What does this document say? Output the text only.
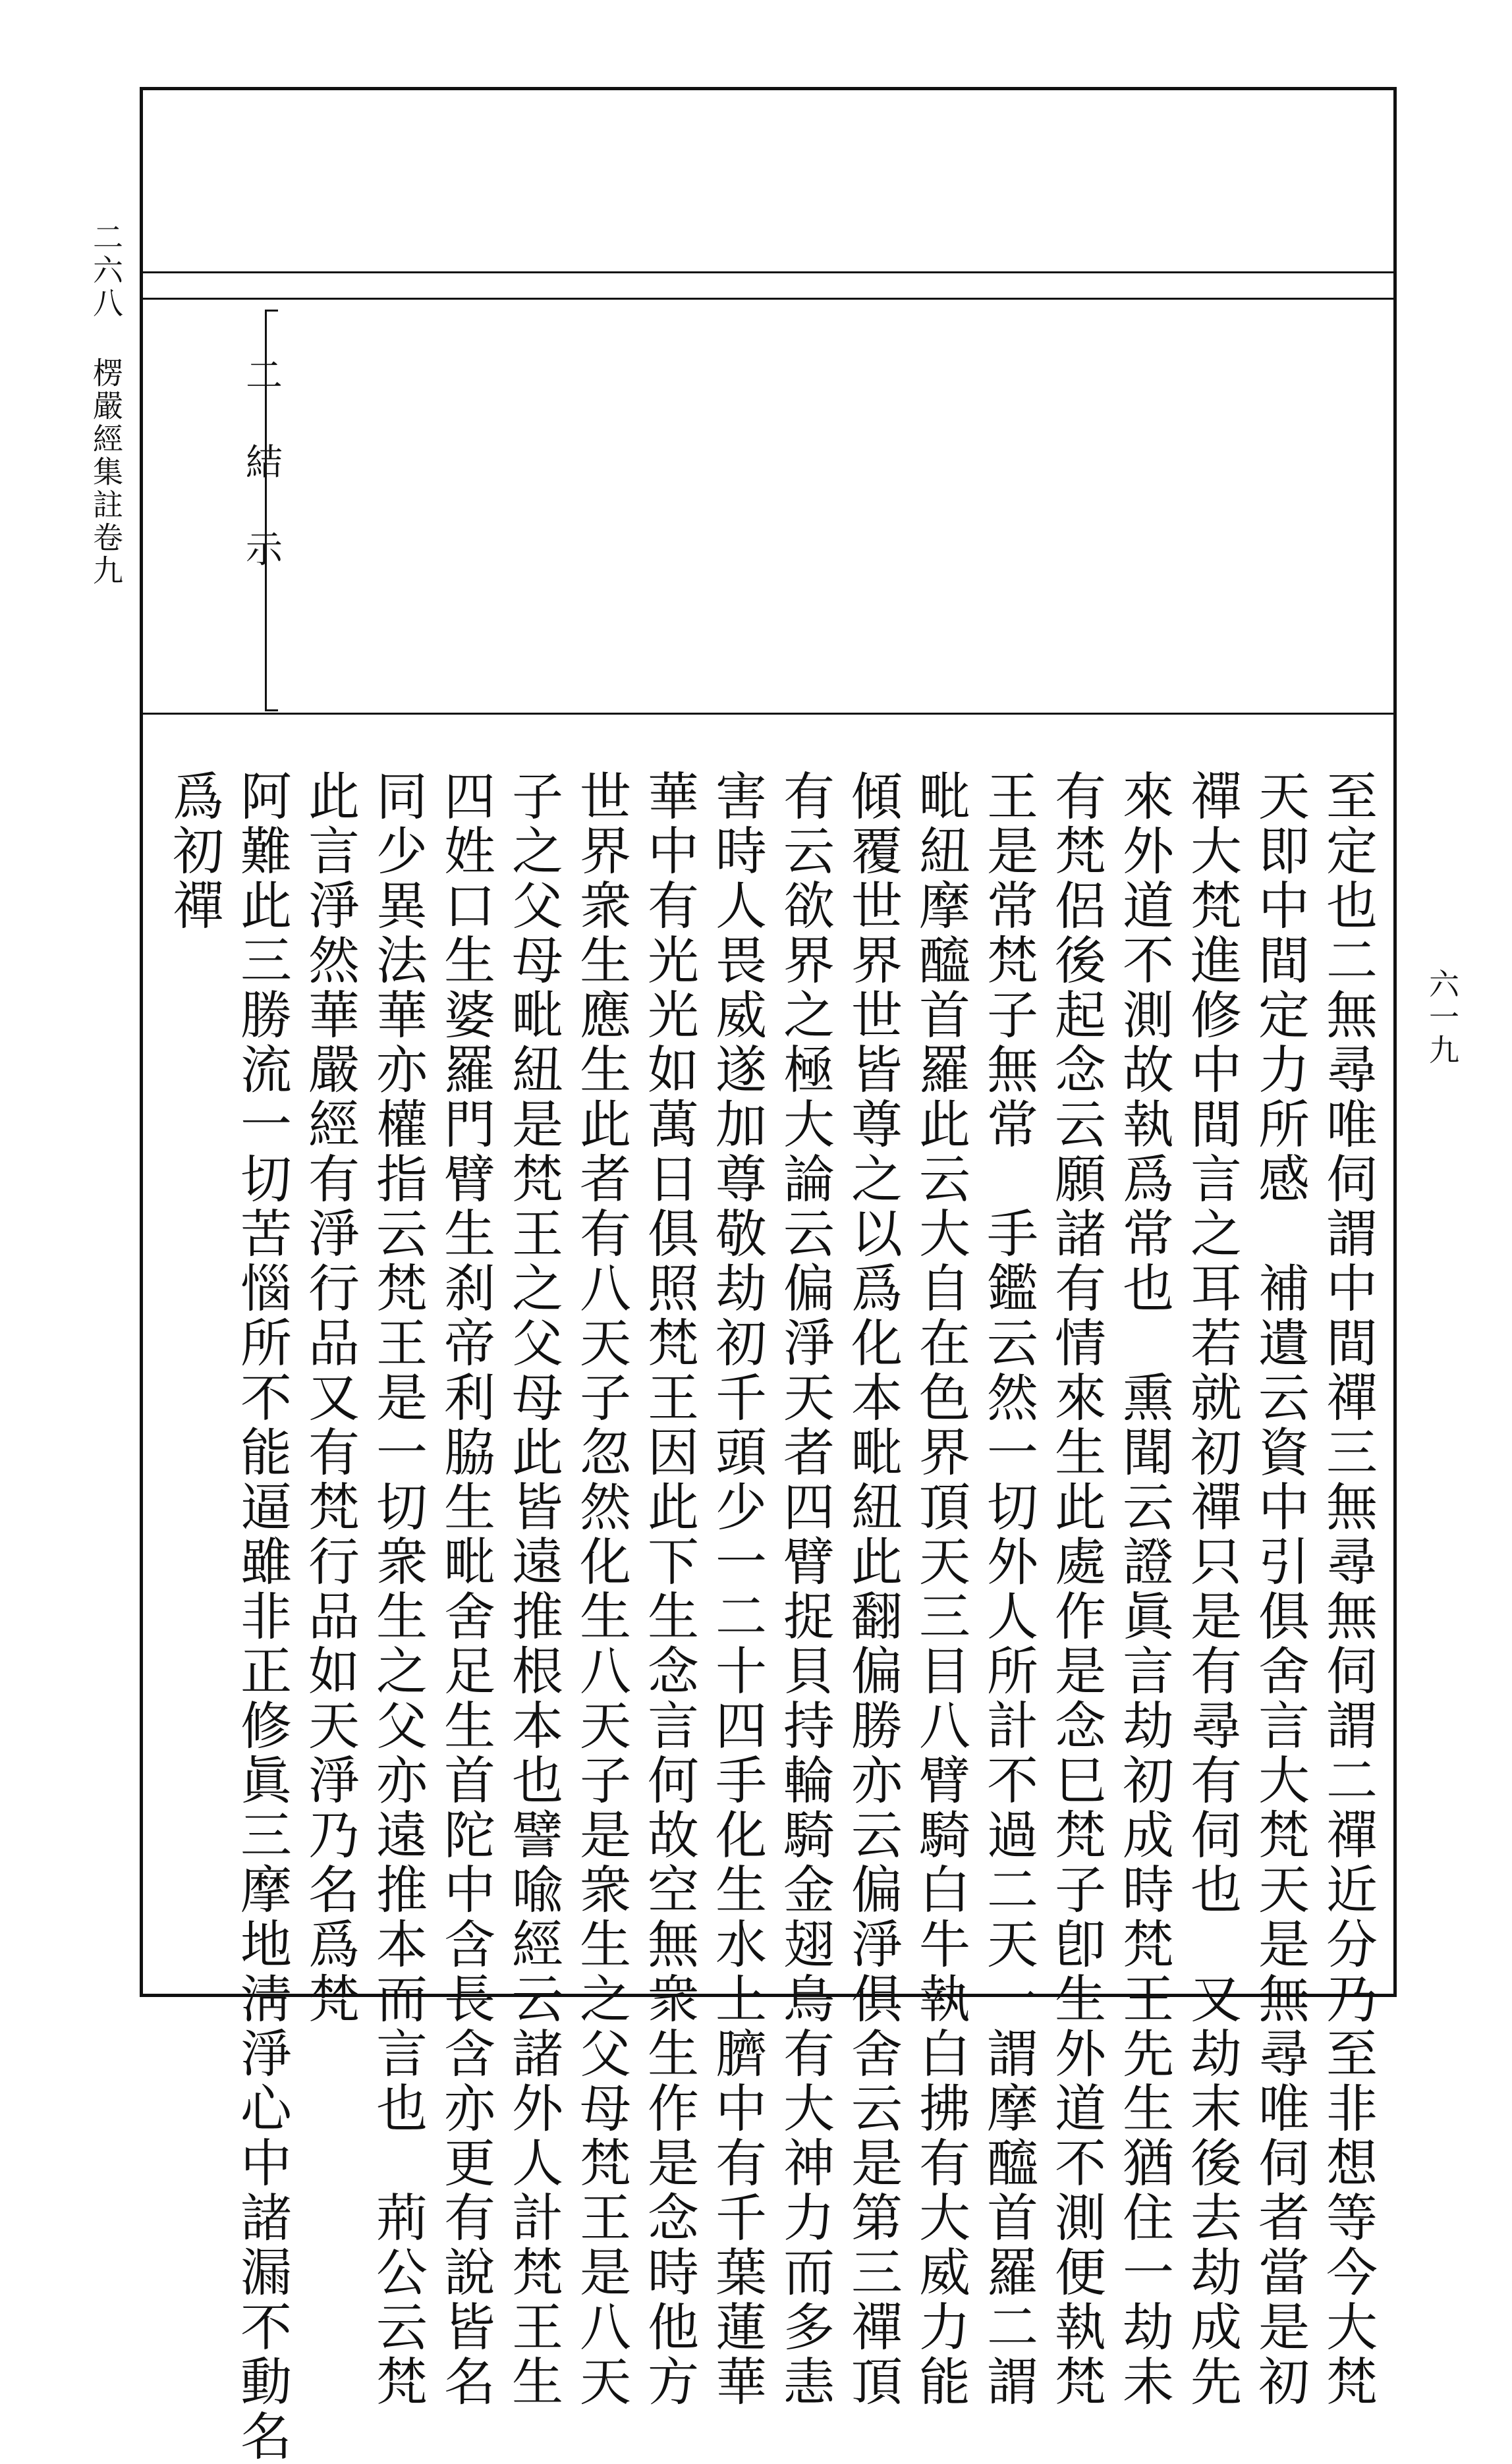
二六八楞嚴經集註卷九
六一九
二結示
至定也二無尋唯伺謂中間禪三無尋無伺謂二禪近分乃至非想等今大梵
天即中間定力所感　補遺云資中引俱舍言大梵天是無尋唯伺者當是初
禪大梵進修中間言之耳若就初禪只是有尋有伺也　又劫末後去劫成先
來外道不測故執爲常也　熏聞云證眞言劫初成時梵王先生猶住一劫未
有梵侶後起念云願諸有情來生此處作是念巳梵子卽生外道不測便執梵
王是常梵子無常　手鑑云然一切外人所計不過二天一謂摩醯首羅二謂
毗紐摩醯首羅此云大自在色界頂天三目八臂騎白牛執白拂有大威力能
傾覆世界世皆尊之以爲化本毗紐此翻偏勝亦云偏淨俱舍云是第三禪頂
有云欲界之極大論云偏淨天者四臂捉貝持輪騎金翅鳥有大神力而多恚
害時人畏威遂加尊敬劫初千頭少一二十四手化生水上臍中有千葉蓮華
華中有光光如萬日俱照梵王因此下生念言何故空無衆生作是念時他方
世界衆生應生此者有八天子忽然化生八天子是衆生之父母梵王是八天
子之父母毗紐是梵王之父母此皆遠推根本也譬喩經云諸外人計梵王生
四姓口生婆羅門臂生刹帝利脇生毗舍足生首陀中含長含亦更有說皆名
同少異法華亦權指云梵王是一切衆生之父亦遠推本而言也　荊公云梵
此言淨然華嚴經有淨行品又有梵行品如天淨乃名爲梵
阿難此三勝流一切苦惱所不能逼雖非正修眞三摩地淸淨心中諸漏不動名
爲初禪
